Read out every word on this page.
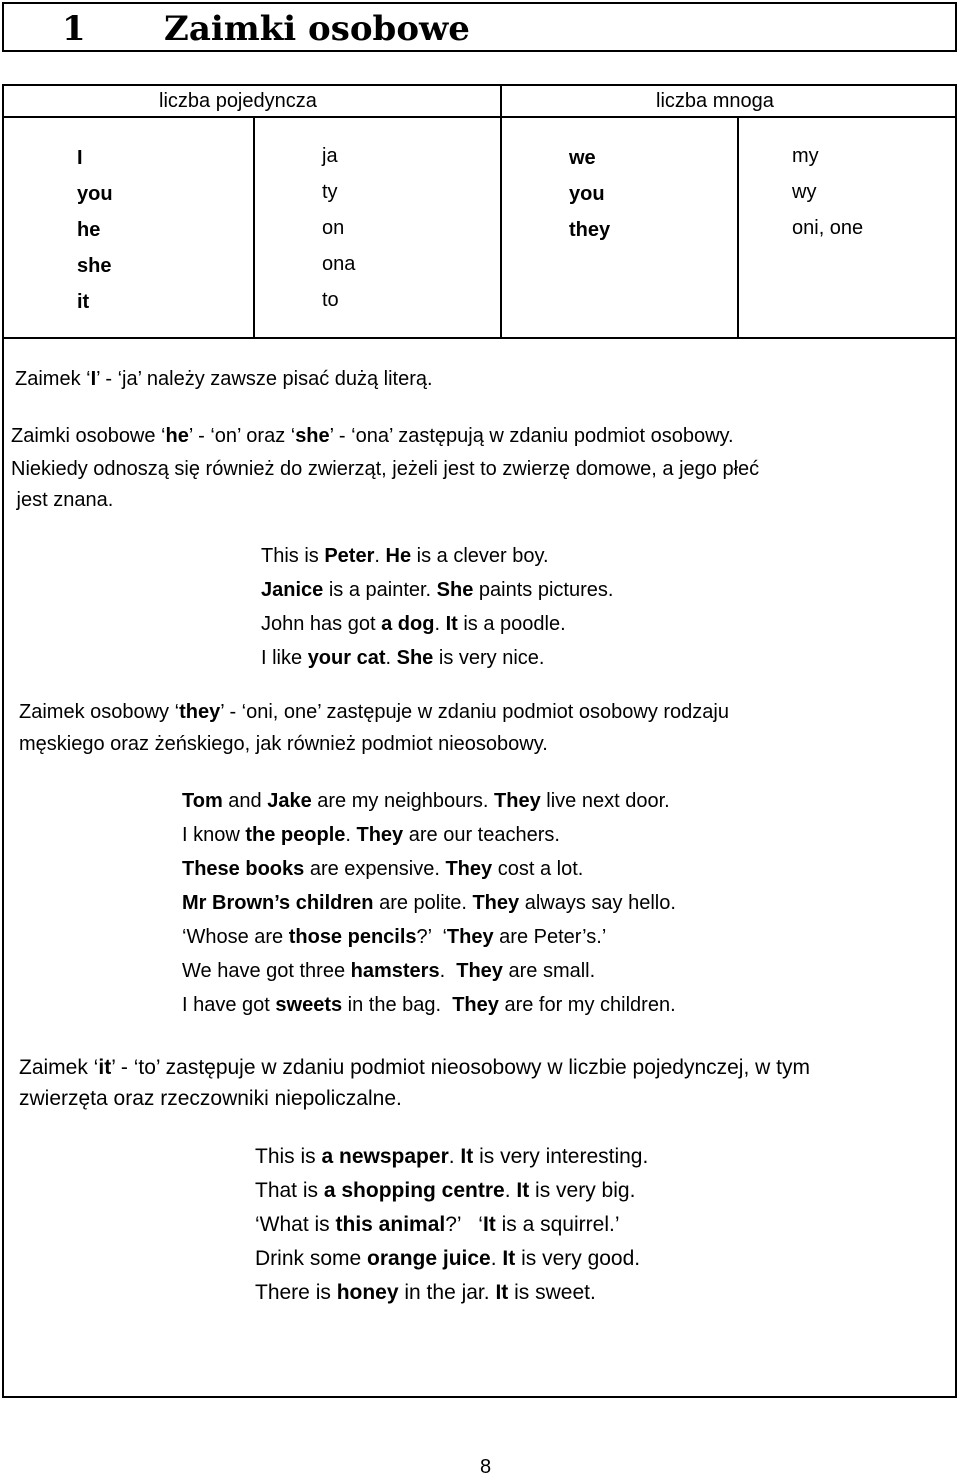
1 Zaimki osobowe
liczba pojedyncza	liczba mnoga
I
you
he
she
it
ja
ty
on
ona
to
we
you
they
my
wy
oni, one
Zaimek ‘I’ - ‘ja’ należy zawsze pisać dużą literą.
Zaimki osobowe ‘he’ - ‘on’ oraz ‘she’ - ‘ona’ zastępują w zdaniu podmiot osobowy.
Niekiedy odnoszą się również do zwierząt, jeżeli jest to zwierzę domowe, a jego płeć
jest znana.
This is Peter. He is a clever boy.
Janice is a painter. She paints pictures.
John has got a dog. It is a poodle.
I like your cat. She is very nice.
Zaimek osobowy ‘they’ - ‘oni, one’ zastępuje w zdaniu podmiot osobowy rodzaju
męskiego oraz żeńskiego, jak również podmiot nieosobowy.
Tom and Jake are my neighbours. They live next door.
I know the people. They are our teachers.
These books are expensive. They cost a lot.
Mr Brown’s children are polite. They always say hello.
‘Whose are those pencils?’  ‘They are Peter’s.’
We have got three hamsters.  They are small.
I have got sweets in the bag.  They are for my children.
Zaimek ‘it’ - ‘to’ zastępuje w zdaniu podmiot nieosobowy w liczbie pojedynczej, w tym
zwierzęta oraz rzeczowniki niepoliczalne.
This is a newspaper. It is very interesting.
That is a shopping centre. It is very big.
‘What is this animal?’   ‘It is a squirrel.’
Drink some orange juice. It is very good.
There is honey in the jar. It is sweet.
8
